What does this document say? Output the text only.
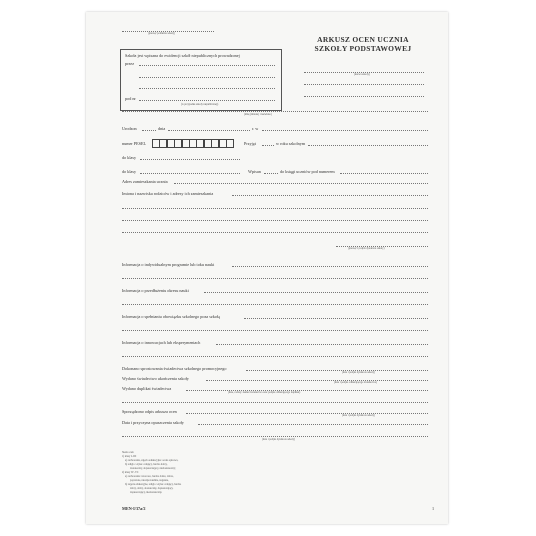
(pieczęć podłużna szkoły)
Szkoła jest wpisana do ewidencji szkół niepublicznych prowadzonej
przez
pod nr
(w przypadku szkoły niepublicznej)
ARKUSZ OCEN UCZNIA
SZKOŁY PODSTAWOWEJ
(nazwa szkoły)
(imię (imiona) i nazwisko)
Urodzon	dnia	r. w
numer PESEL	Przyjęt	w roku szkolnym
do klasy
do klasy	Wpisan	do księgi uczniów pod numerem
Adres zamieszkania ucznia
Imiona i nazwiska rodziców i adresy ich zamieszkania
(pieczęć i podpis dyrektora szkoły)
Informacja o indywidualnym programie lub toku nauki
Informacja o przedłużeniu okresu nauki
Informacja o spełnianiu obowiązku szkolnego poza szkołą
Informacja o innowacjach lub eksperymentach
Dokonano sprostowania świadectwa szkolnego promocyjnego
(data i podpis dyrektora szkoły)
Wydano świadectwo ukończenia szkoły
(data i podpis odbierającego świadectwo)
Wydano duplikat świadectwa
(data, rodzaj i numer świadectwa oraz podpis odbierającego duplikat)
Sporządzono odpis arkusza ocen
(data i podpis dyrektora szkoły)
Data i przyczyna opuszczenia szkoły
(data i podpis dyrektora szkoły)
Skala ocen:
1) klasy I–III:
a) zachowanie, zajęcia edukacyjne: ocena opisowa,
b) religia / etyka: celujący, bardzo dobry,
dostateczny, dopuszczający, niedostateczny;
2) klasy IV–VI:
a) zachowanie: wzorowe, bardzo dobre, dobre,
poprawne, nieodpowiednie, naganne,
b) zajęcia edukacyjne, religia / etyka: celujący, bardzo
dobry, dobry, dostateczny, dopuszczający,
dopuszczający, niedostateczny.
MEN-I/37a/2	1
